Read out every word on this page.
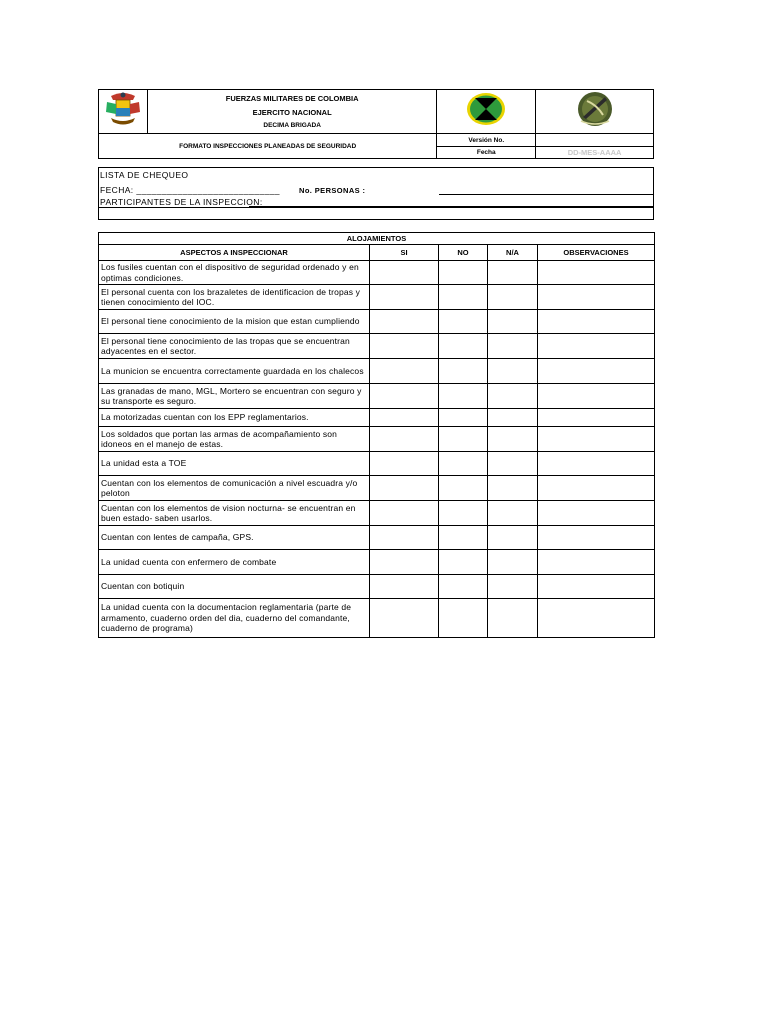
FUERZAS MILITARES DE COLOMBIA
EJERCITO NACIONAL
DECIMA BRIGADA

FORMATO INSPECCIONES PLANEADAS DE SEGURIDAD		Versión No.	
		Fecha	DD-MES-AAAA
LISTA DE CHEQUEO
FECHA: ____________________________	No. PERSONAS :
PARTICIPANTES DE LA INSPECCION:
ALOJAMIENTOS				
ASPECTOS A INSPECCIONAR	SI	NO	N/A	OBSERVACIONES
Los fusiles cuentan con el dispositivo de seguridad ordenado y en optimas condiciones.				
El personal cuenta con los brazaletes de identificacion de tropas y tienen conocimiento del IOC.				
El personal tiene conocimiento de la mision que estan cumpliendo				
El personal tiene conocimiento de las tropas que se encuentran adyacentes en el sector.				
La municion se encuentra correctamente guardada en los chalecos				
Las granadas de mano, MGL, Mortero se encuentran con seguro y su transporte es seguro.				
La motorizadas cuentan con los EPP reglamentarios.				
Los soldados que portan las armas de acompañamiento son idoneos en el manejo de estas.				
La unidad esta a TOE				
Cuentan con los elementos de comunicación a nivel escuadra y/o peloton				
Cuentan con los elementos de vision nocturna- se encuentran en buen estado- saben usarlos.				
Cuentan con lentes de campaña, GPS.				
La unidad cuenta con enfermero de combate				
Cuentan con botiquin				
La unidad cuenta con la documentacion reglamentaria (parte de armamento, cuaderno orden del dia, cuaderno del comandante, cuaderno de programa)				
